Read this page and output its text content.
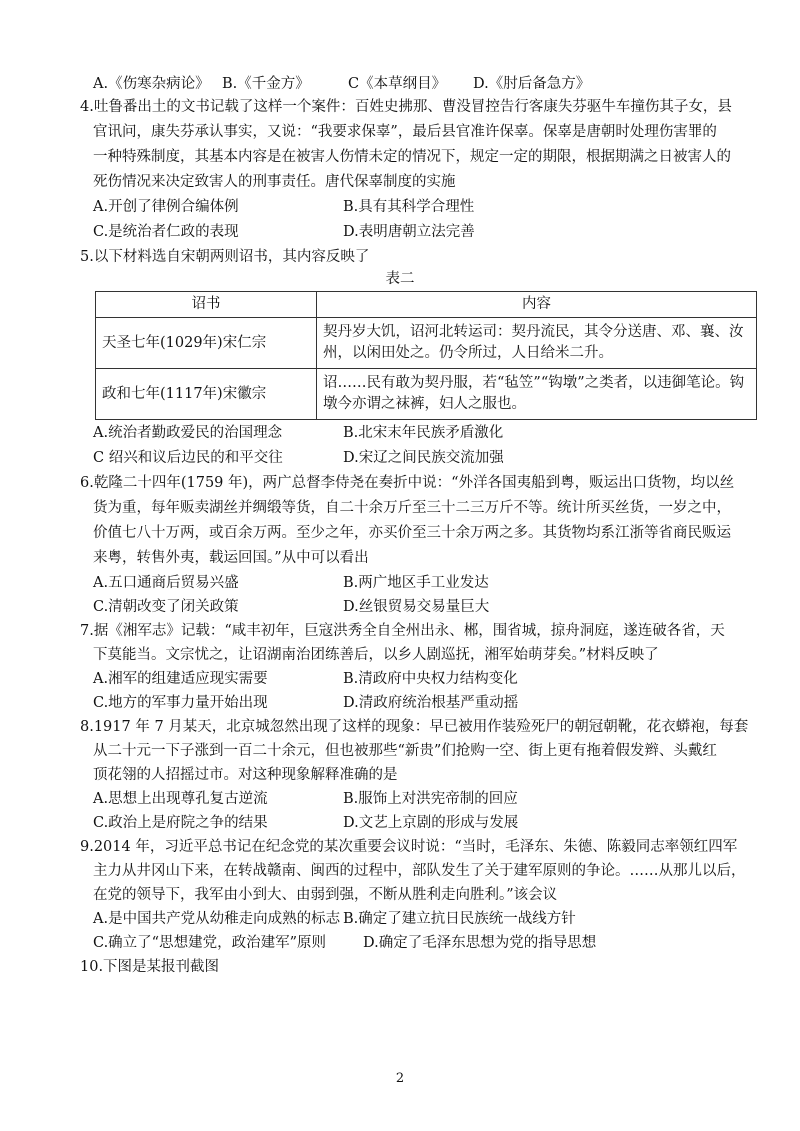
A.《伤寒杂病论》 B.《千金方》	C《本草纲目》 D.《肘后备急方》
4.吐鲁番出土的文书记载了这样一个案件：百姓史拂那、曹没冒控告行客康失芬驱牛车撞伤其子女，县
官讯问，康失芬承认事实，又说：“我要求保辜”，最后县官准许保辜。保辜是唐朝时处理伤害罪的
一种特殊制度，其基本内容是在被害人伤情未定的情况下，规定一定的期限，根据期满之日被害人的
死伤情况来决定致害人的刑事责任。唐代保辜制度的实施
A.开创了律例合编体例	B.具有其科学合理性
C.是统治者仁政的表现	D.表明唐朝立法完善
5.以下材料选自宋朝两则诏书，其内容反映了
表二
诏书	内容
天圣七年(1029年)宋仁宗	契丹岁大饥，诏河北转运司：契丹流民，其令分送唐、邓、襄、汝州，以闲田处之。仍令所过，人日给米二升。
政和七年(1117年)宋徽宗	诏……民有敢为契丹服，若“毡笠”“钩墩”之类者，以违御笔论。钩墩今亦谓之袜裤，妇人之服也。
A.统治者勤政爱民的治国理念	B.北宋末年民族矛盾激化
C 绍兴和议后边民的和平交往	D.宋辽之间民族交流加强
6.乾隆二十四年(1759 年)，两广总督李侍尧在奏折中说：“外洋各国夷船到粤，贩运出口货物，均以丝
货为重，每年贩卖湖丝并绸缎等货，自二十余万斤至三十二三万斤不等。统计所买丝货，一岁之中，
价值七八十万两，或百余万两。至少之年，亦买价至三十余万两之多。其货物均系江浙等省商民贩运
来粤，转售外夷，载运回国。”从中可以看出
A.五口通商后贸易兴盛	B.两广地区手工业发达
C.清朝改变了闭关政策	D.丝银贸易交易量巨大
7.据《湘军志》记载：“咸丰初年，巨寇洪秀全自全州出永、郴，围省城，掠舟洞庭，遂连破各省，天
下莫能当。文宗忧之，让诏湖南治团练善后，以乡人剧巡抚，湘军始萌芽矣。”材料反映了
A.湘军的组建适应现实需要	B.清政府中央权力结构变化
C.地方的军事力量开始出现	D.清政府统治根基严重动摇
8.1917 年 7 月某天，北京城忽然出现了这样的现象：早已被用作装殓死尸的朝冠朝靴，花衣蟒袍，每套
从二十元一下子涨到一百二十余元，但也被那些“新贵”们抢购一空、街上更有拖着假发辫、头戴红
顶花翎的人招摇过市。对这种现象解释准确的是
A.思想上出现尊孔复古逆流	B.服饰上对洪宪帝制的回应
C.政治上是府院之争的结果	D.文艺上京剧的形成与发展
9.2014 年，习近平总书记在纪念党的某次重要会议时说：“当时，毛泽东、朱德、陈毅同志率领红四军
主力从井冈山下来，在转战赣南、闽西的过程中，部队发生了关于建军原则的争论。……从那儿以后，
在党的领导下，我军由小到大、由弱到强，不断从胜利走向胜利。”该会议
A.是中国共产党从幼稚走向成熟的标志 B.确定了建立抗日民族统一战线方针
C.确立了“思想建党，政治建军”原则	D.确定了毛泽东思想为党的指导思想
10.下图是某报刊截图
2
